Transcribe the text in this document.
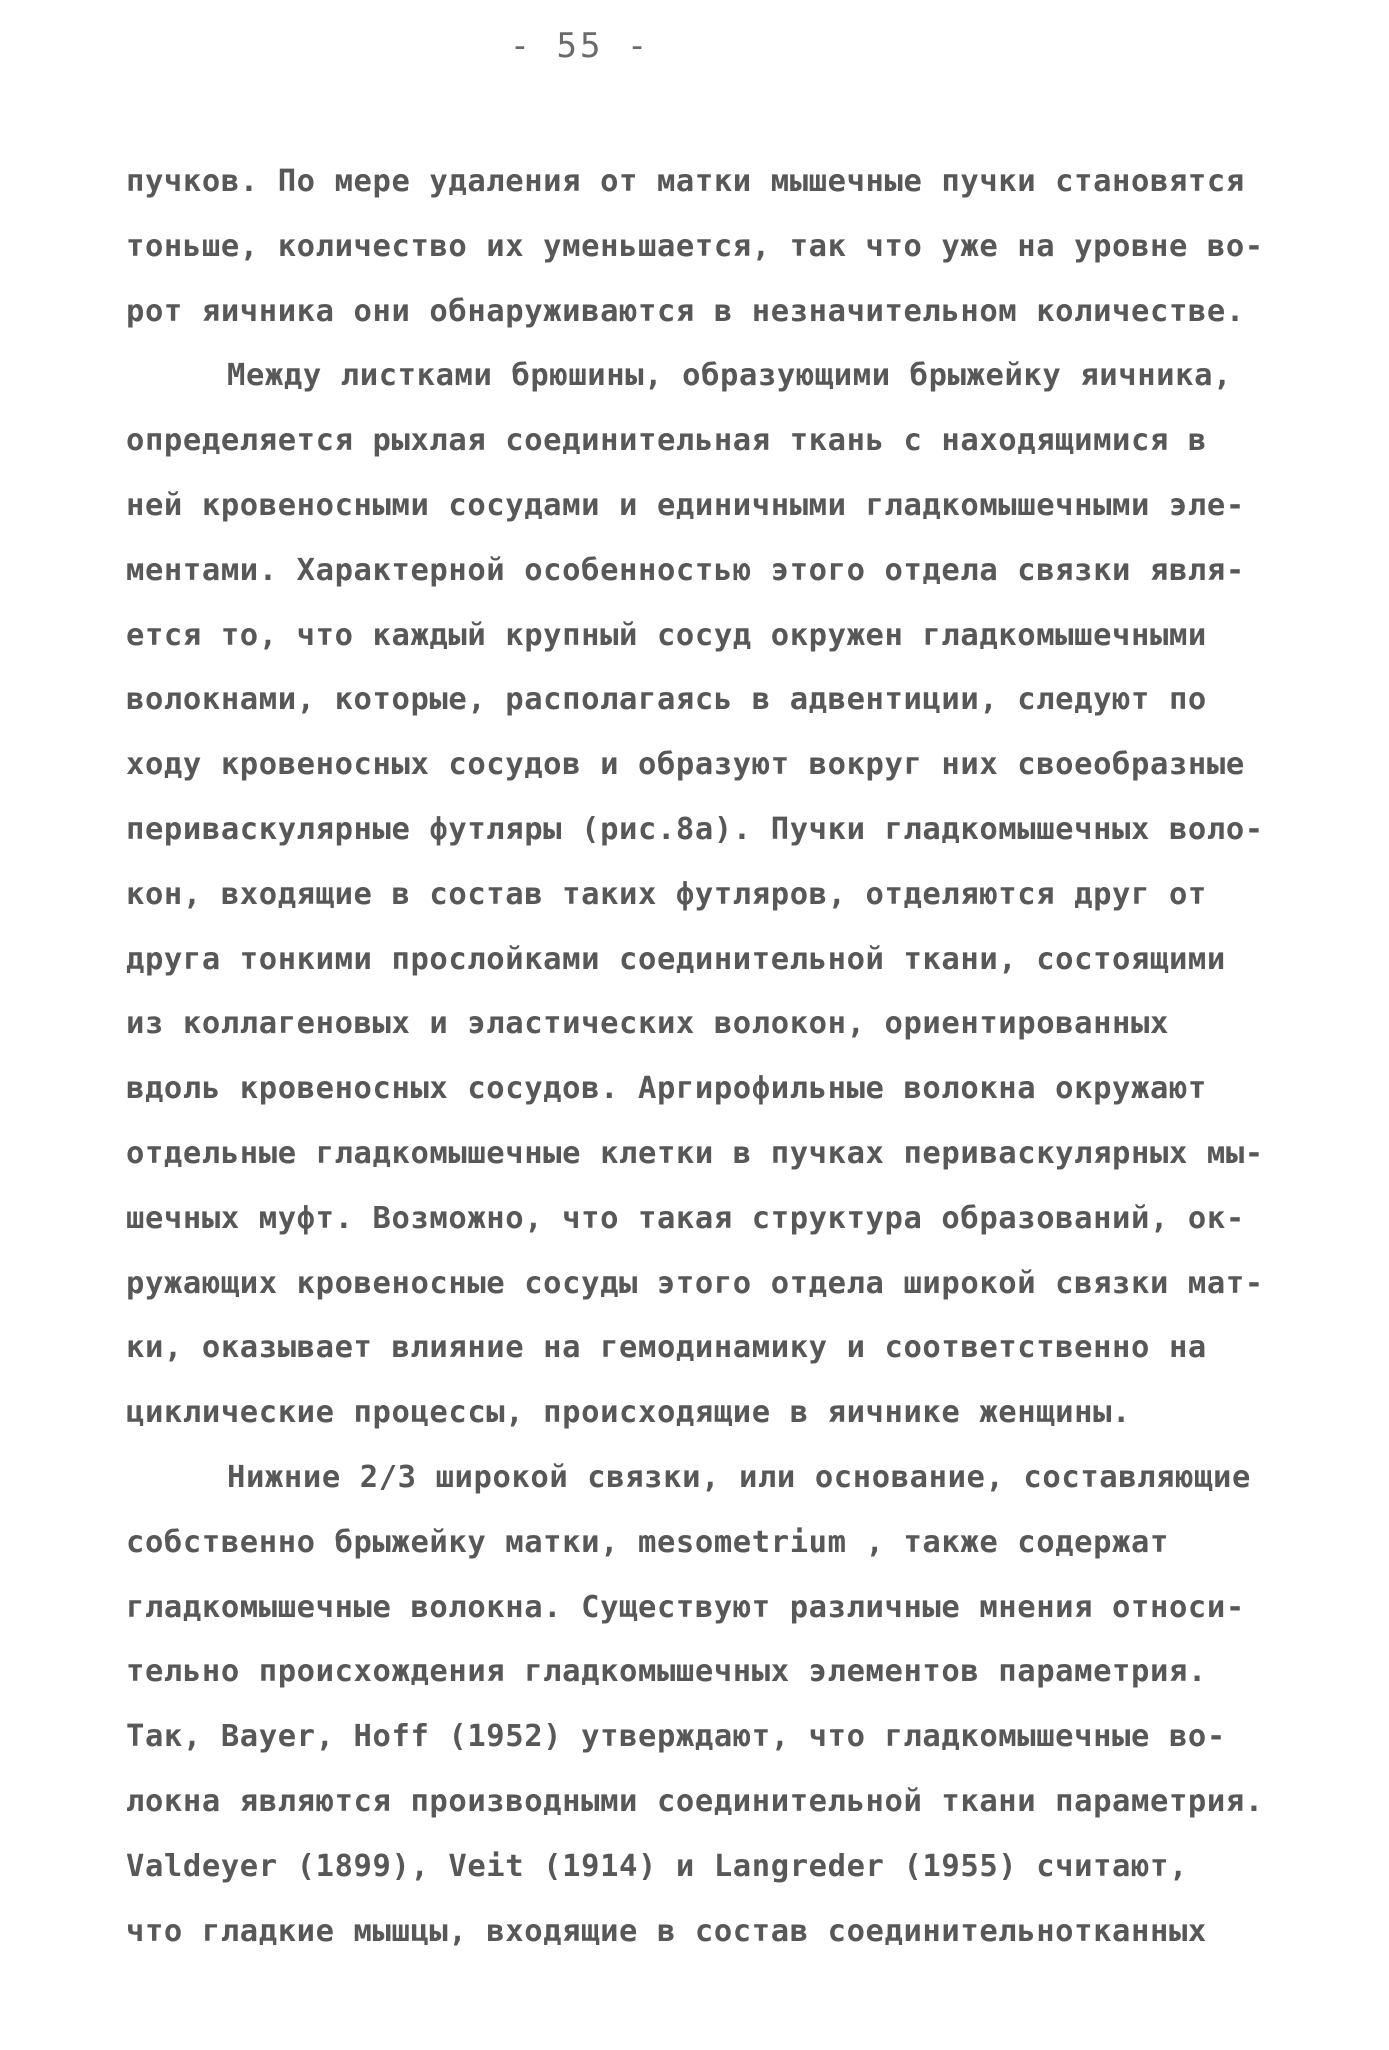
- 55 -
пучков. По мере удаления от матки мышечные пучки становятся
тоньше, количество их уменьшается, так что уже на уровне во-
рот яичника они обнаруживаются в незначительном количестве.
Между листками брюшины, образующими брыжейку яичника,
определяется рыхлая соединительная ткань с находящимися в
ней кровеносными сосудами и единичными гладкомышечными эле-
ментами. Характерной особенностью этого отдела связки явля-
ется то, что каждый крупный сосуд окружен гладкомышечными
волокнами, которые, располагаясь в адвентиции, следуют по
ходу кровеносных сосудов и образуют вокруг них своеобразные
периваскулярные футляры (рис.8а). Пучки гладкомышечных воло-
кон, входящие в состав таких футляров, отделяются друг от
друга тонкими прослойками соединительной ткани, состоящими
из коллагеновых и эластических волокон, ориентированных
вдоль кровеносных сосудов. Аргирофильные волокна окружают
отдельные гладкомышечные клетки в пучках периваскулярных мы-
шечных муфт. Возможно, что такая структура образований, ок-
ружающих кровеносные сосуды этого отдела широкой связки мат-
ки, оказывает влияние на гемодинамику и соответственно на
циклические процессы, происходящие в яичнике женщины.
Нижние 2/3 широкой связки, или основание, составляющие
собственно брыжейку матки, mesometrium , также содержат
гладкомышечные волокна. Существуют различные мнения относи-
тельно происхождения гладкомышечных элементов параметрия.
Так, Bayer, Hoff (1952) утверждают, что гладкомышечные во-
локна являются производными соединительной ткани параметрия.
Valdeyer (1899), Veit (1914) и Langreder (1955) считают,
что гладкие мышцы, входящие в состав соединительнотканных
